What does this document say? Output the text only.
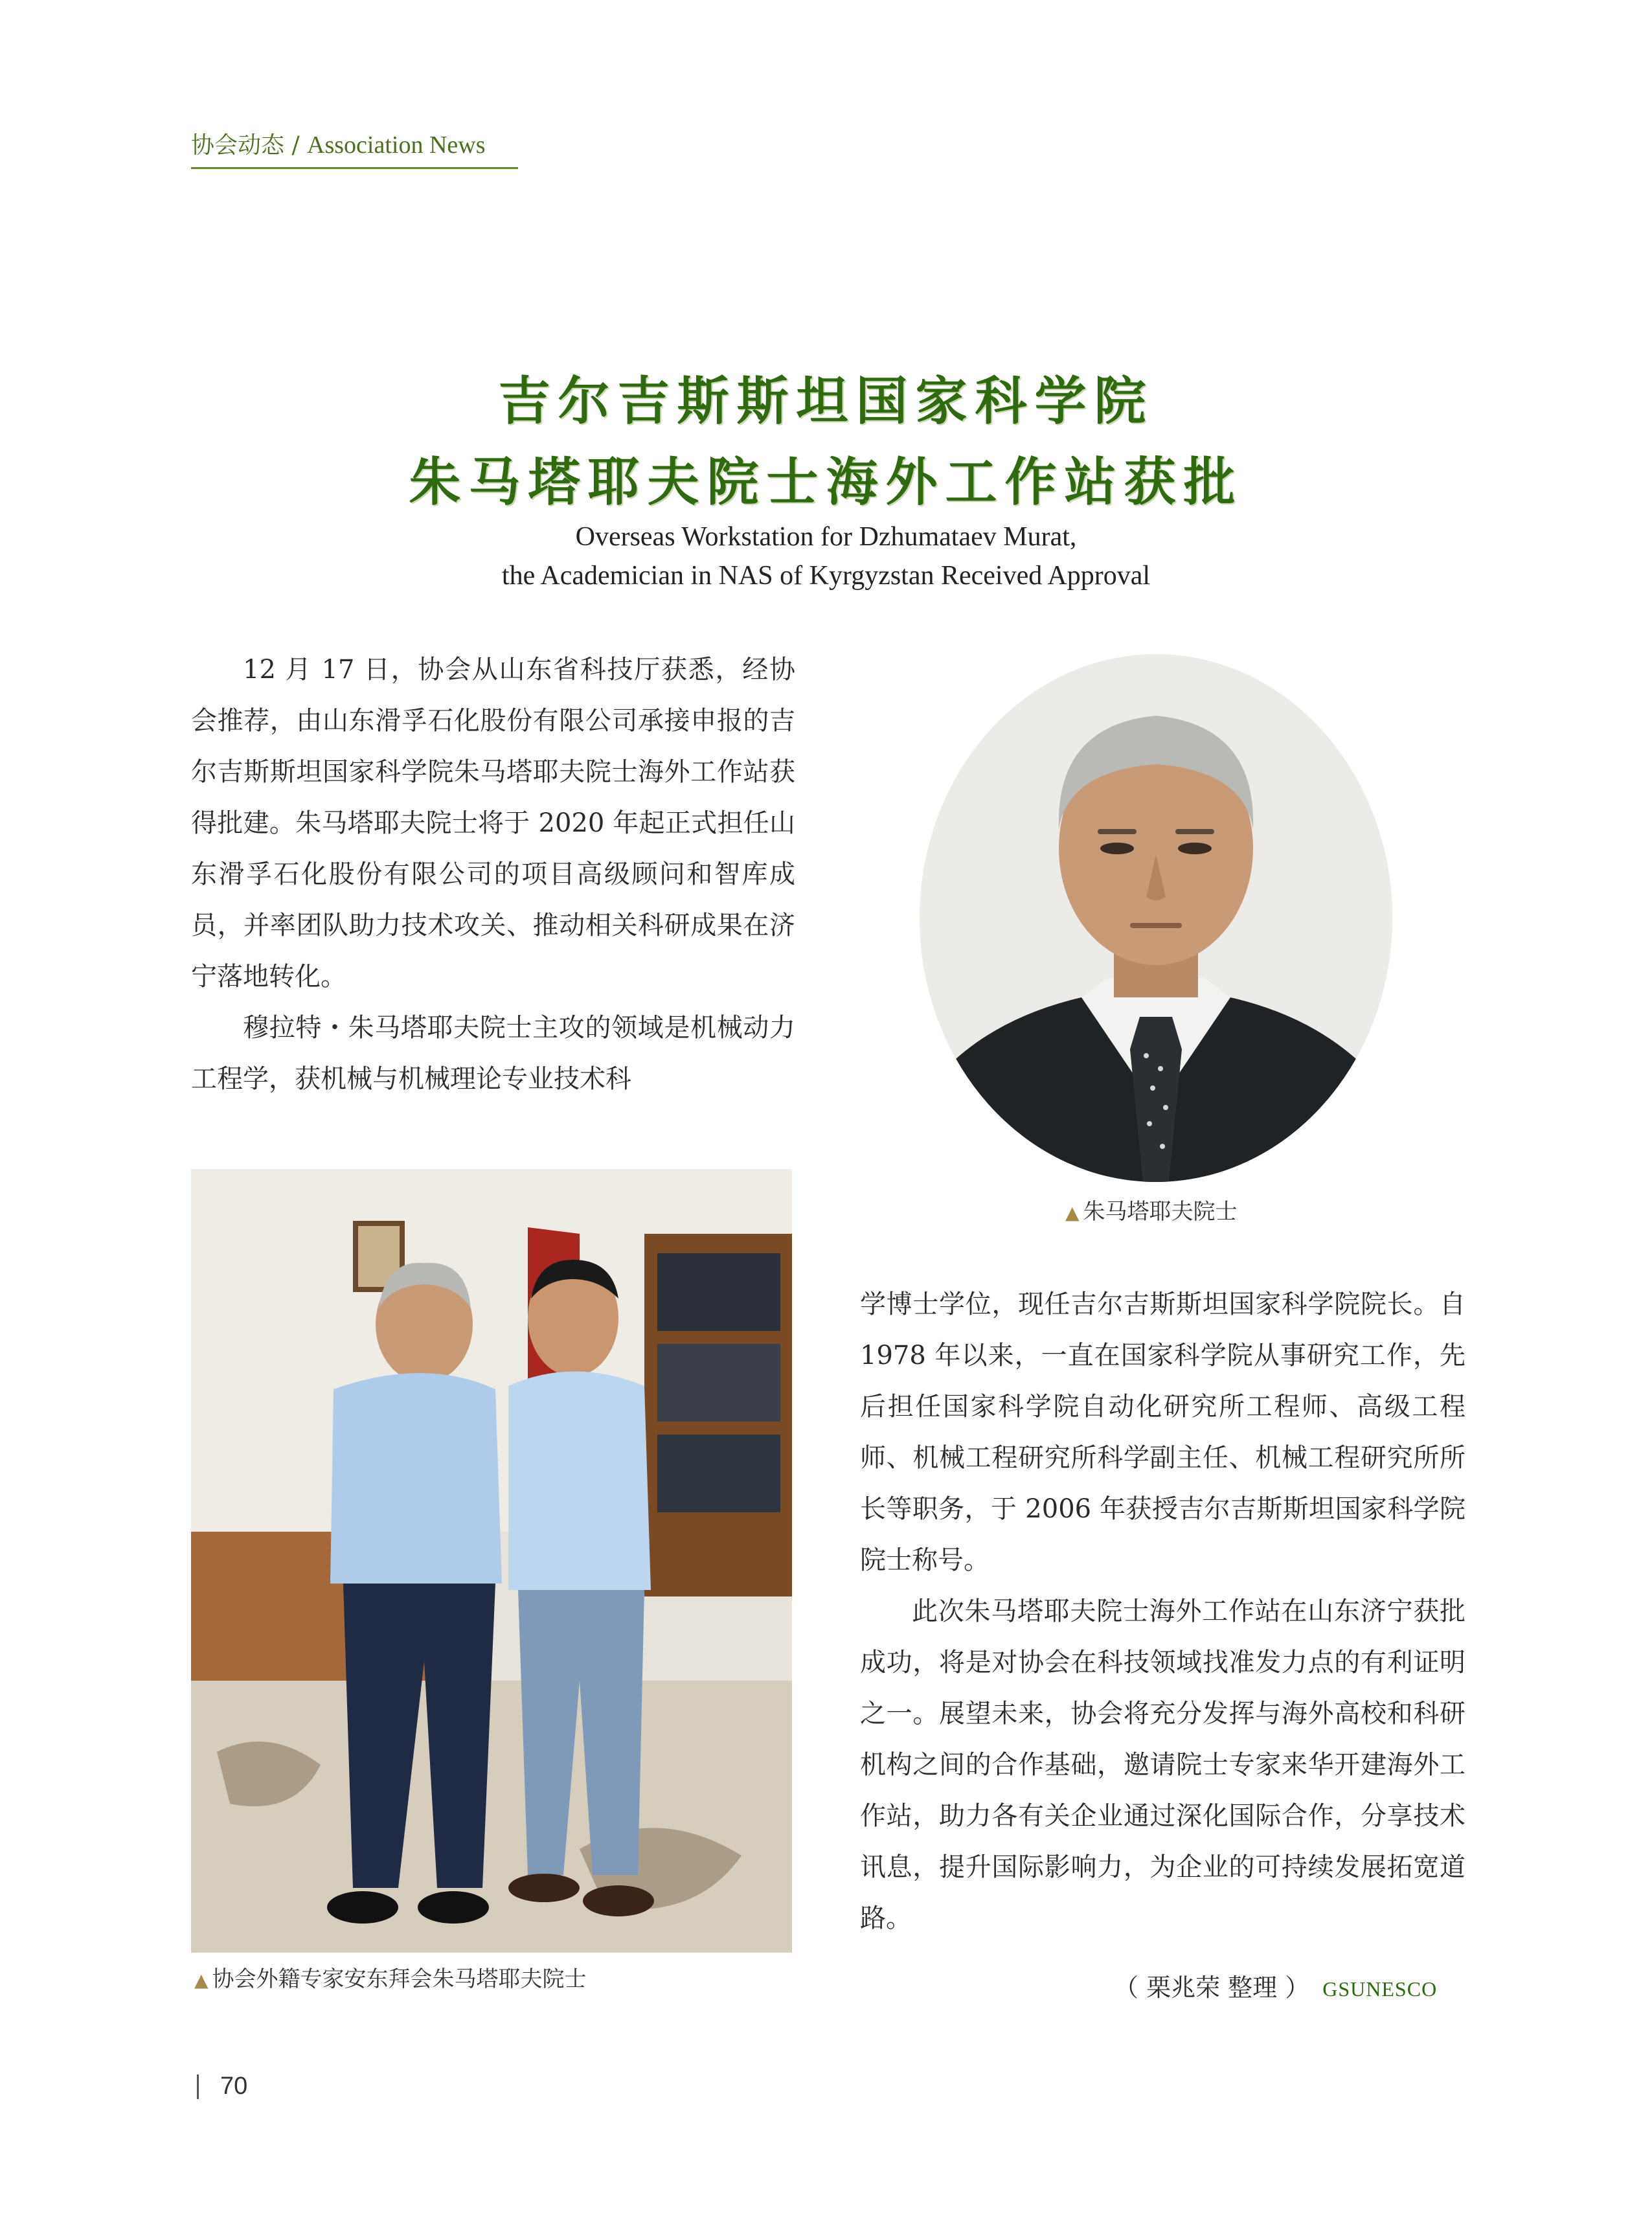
协会动态 / Association News
吉尔吉斯斯坦国家科学院
朱马塔耶夫院士海外工作站获批
Overseas Workstation for Dzhumataev Murat,
the Academician in NAS of Kyrgyzstan Received Approval

12 月 17 日，协会从山东省科技厅获悉，经协会推荐，由山东滑孚石化股份有限公司承接申报的吉尔吉斯斯坦国家科学院朱马塔耶夫院士海外工作站获得批建。朱马塔耶夫院士将于 2020 年起正式担任山东滑孚石化股份有限公司的项目高级顾问和智库成员，并率团队助力技术攻关、推动相关科研成果在济宁落地转化。

穆拉特・朱马塔耶夫院士主攻的领域是机械动力工程学，获机械与机械理论专业技术科

▲ 朱马塔耶夫院士
▲ 协会外籍专家安东拜会朱马塔耶夫院士

学博士学位，现任吉尔吉斯斯坦国家科学院院长。自 1978 年以来，一直在国家科学院从事研究工作，先后担任国家科学院自动化研究所工程师、高级工程师、机械工程研究所科学副主任、机械工程研究所所长等职务，于 2006 年获授吉尔吉斯斯坦国家科学院院士称号。

此次朱马塔耶夫院士海外工作站在山东济宁获批成功，将是对协会在科技领域找准发力点的有利证明之一。展望未来，协会将充分发挥与海外高校和科研机构之间的合作基础，邀请院士专家来华开建海外工作站，助力各有关企业通过深化国际合作，分享技术讯息，提升国际影响力，为企业的可持续发展拓宽道路。

（ 栗兆荣 整理 ） GSUNESCO
70
